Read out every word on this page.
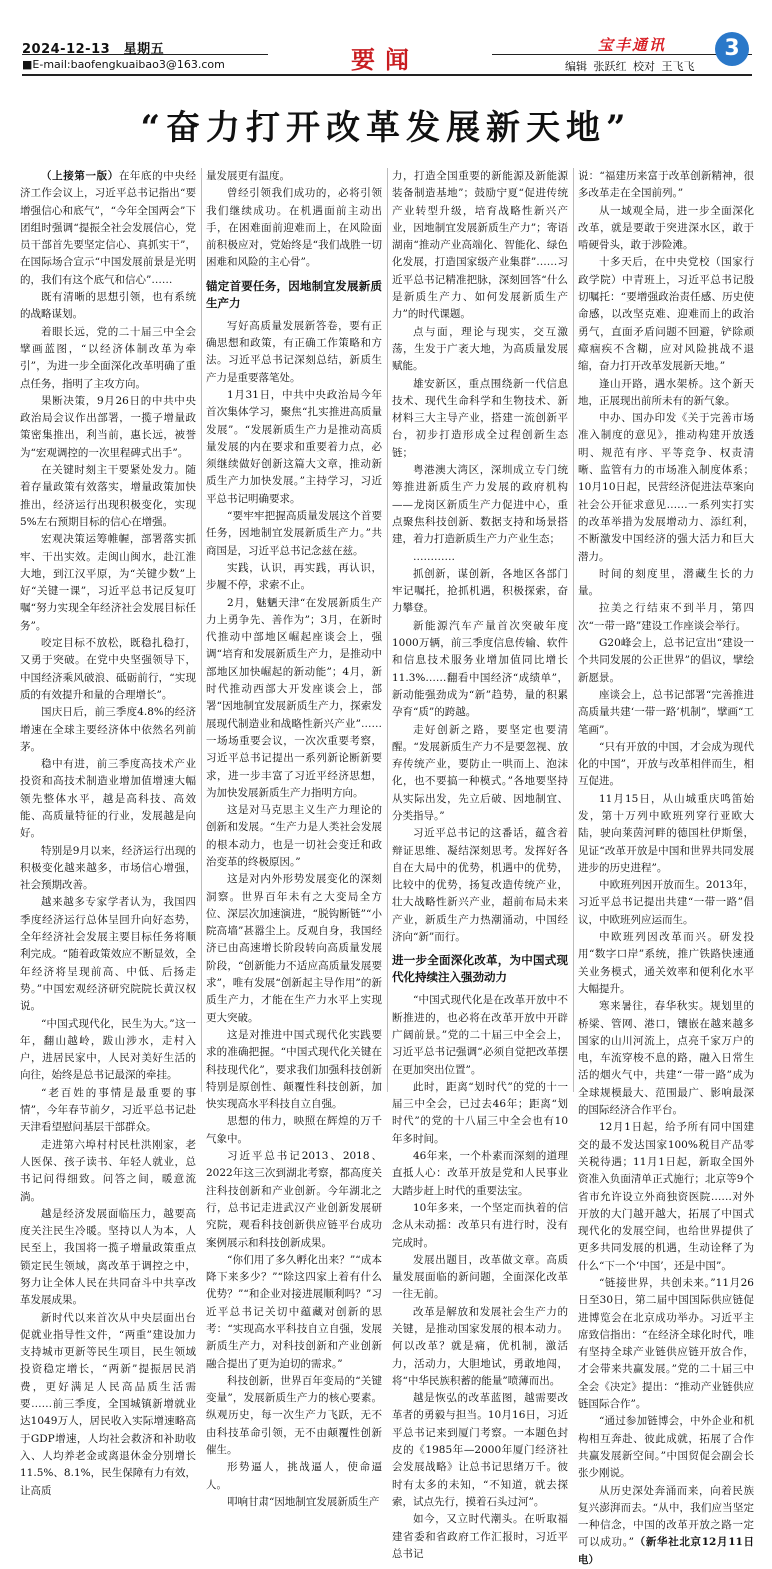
2024-12-13　 星期五
■E-mail:baofengkuaibao3@163.com	要闻	宝丰通讯	3
编辑 张跃红 校对 王飞飞
“奋力打开改革发展新天地”

（上接第一版）在年底的中央经济工作会议上，习近平总书记指出“要增强信心和底气”，“今年全国两会”下团组时强调“提振全社会发展信心，党员干部首先要坚定信心、真抓实干”，在国际场合宣示“中国发展前景是光明的，我们有这个底气和信心”……

既有清晰的思想引领，也有系统的战略谋划。

着眼长远，党的二十届三中全会擘画蓝图，“以经济体制改革为牵引”，为进一步全面深化改革明确了重点任务，指明了主攻方向。

果断决策，9月26日的中共中央政治局会议作出部署，一揽子增量政策密集推出，利当前，惠长远，被誉为“宏观调控的一次里程碑式出手”。

在关键时刻主干要紧处发力。随着存量政策有效落实，增量政策加快推出，经济运行出现积极变化，实现5%左右预期目标的信心在增强。

宏观决策运筹帷幄，部署落实抓牢、干出实效。走闽山闽水，赴江淮大地，到江汉平原，为“关键少数”上好“关键一课”，习近平总书记反复叮嘱“努力实现全年经济社会发展目标任务”。

咬定目标不放松，既稳扎稳打，又勇于突破。在党中央坚强领导下，中国经济乘风破浪、砥砺前行，“实现质的有效提升和量的合理增长”。

国庆日后，前三季度4.8%的经济增速在全球主要经济体中依然名列前茅。

稳中有进，前三季度高技术产业投资和高技术制造业增加值增速大幅领先整体水平，越是高科技、高效能、高质量特征的行业，发展越是向好。

特别是9月以来，经济运行出现的积极变化越来越多，市场信心增强，社会预期改善。

越来越多专家学者认为，我国四季度经济运行总体呈回升向好态势，全年经济社会发展主要目标任务将顺利完成。“随着政策效应不断显效，全年经济将呈现前高、中低、后扬走势。”中国宏观经济研究院院长黄汉权说。

“中国式现代化，民生为大。”这一年，翻山越岭，跋山涉水，走村入户，进居民家中，人民对美好生活的向往，始终是总书记最深的牵挂。

“老百姓的事情是最重要的事情”，今年春节前夕，习近平总书记赴天津看望慰问基层干部群众。

走进第六埠村村民杜洪刚家，老人医保、孩子读书、年轻人就业，总书记问得细致。问答之间，暖意流淌。

越是经济发展面临压力，越要高度关注民生冷暖。坚持以人为本，人民至上，我国将一揽子增量政策重点锁定民生领域，离改革于调控之中，努力让全体人民在共同奋斗中共享改革发展成果。

新时代以来首次从中央层面出台促就业指导性文件，“两重”建设加力支持城市更新等民生项目，民生领域投资稳定增长，“两新”提振居民消费，更好满足人民高品质生活需要……前三季度，全国城镇新增就业达1049万人，居民收入实际增速略高于GDP增速，人均社会救济和补助收入、人均养老金或离退休金分别增长11.5%、8.1%，民生保障有力有效，让高质

量发展更有温度。

曾经引领我们成功的，必将引领我们继续成功。在机遇面前主动出手，在困难面前迎难而上，在风险面前积极应对，党始终是“我们战胜一切困难和风险的主心骨”。

锚定首要任务，因地制宜发展新质生产力

写好高质量发展新答卷，要有正确思想和政策，有正确工作策略和方法。习近平总书记深刻总结，新质生产力是重要落笔处。

1月31日，中共中央政治局今年首次集体学习，聚焦“扎实推进高质量发展”。“发展新质生产力是推动高质量发展的内在要求和重要着力点，必须继续做好创新这篇大文章，推动新质生产力加快发展。”主持学习，习近平总书记明确要求。

“要牢牢把握高质量发展这个首要任务，因地制宜发展新质生产力。”共商国是，习近平总书记念兹在兹。

实践，认识，再实践，再认识，步履不停，求索不止。

2月，魅魉天津“在发展新质生产力上勇争先、善作为”；3月，在新时代推动中部地区崛起座谈会上，强调“培育和发展新质生产力，是推动中部地区加快崛起的新动能”；4月，新时代推动西部大开发座谈会上，部署“因地制宜发展新质生产力，探索发展现代制造业和战略性新兴产业”……一场场重要会议，一次次重要考察，习近平总书记提出一系列新论断新要求，进一步丰富了习近平经济思想，为加快发展新质生产力指明方向。

这是对马克思主义生产力理论的创新和发展。“生产力是人类社会发展的根本动力，也是一切社会变迁和政治变革的终极原因。”

这是对内外形势发展变化的深刻洞察。世界百年未有之大变局全方位、深层次加速演进，“脱钩断链”“小院高墙”甚嚣尘上。反观自身，我国经济已由高速增长阶段转向高质量发展阶段，“创新能力不适应高质量发展要求”，唯有发展“创新起主导作用”的新质生产力，才能在生产力水平上实现更大突破。

这是对推进中国式现代化实践要求的准确把握。“中国式现代化关键在科技现代化”，要求我们加强科技创新特别是原创性、颠覆性科技创新，加快实现高水平科技自立自强。

思想的伟力，映照在辉煌的万千气象中。

习近平总书记2013、2018、2022年这三次到湖北考察，都高度关注科技创新和产业创新。今年湖北之行，总书记走进武汉产业创新发展研究院，观看科技创新供应链平台成功案例展示和科技创新成果。

“你们用了多久孵化出来？”“成本降下来多少？”“除这四家上着有什么优势？”“和企业对接进展顺利吗？”习近平总书记关切中蕴藏对创新的思考：“实现高水平科技自立自强，发展新质生产力，对科技创新和产业创新融合提出了更为迫切的需求。”

科技创新，世界百年变局的“关键变量”，发展新质生产力的核心要素。纵观历史，每一次生产力飞跃，无不由科技革命引领，无不由颠覆性创新催生。

形势逼人，挑战逼人，使命逼人。

叩响甘肃“因地制宜发展新质生产

力，打造全国重要的新能源及新能源装备制造基地”；鼓励宁夏“促进传统产业转型升级，培育战略性新兴产业，因地制宜发展新质生产力”；寄语湖南“推动产业高端化、智能化、绿色化发展，打造国家级产业集群”……习近平总书记精准把脉，深刻回答“什么是新质生产力、如何发展新质生产力”的时代课题。

点与面，理论与现实，交互激荡，生发于广袤大地，为高质量发展赋能。

雄安新区，重点围绕新一代信息技术、现代生命科学和生物技术、新材料三大主导产业，搭建一流创新平台，初步打造形成全过程创新生态链；

粤港澳大湾区，深圳成立专门统筹推进新质生产力发展的政府机构——龙岗区新质生产力促进中心，重点聚焦科技创新、数据支持和场景搭建，着力打造新质生产力产业生态；

…………

抓创新，谋创新，各地区各部门牢记嘱托，抢抓机遇，积极探索，奋力攀登。

新能源汽车产量首次突破年度1000万辆，前三季度信息传输、软件和信息技术服务业增加值同比增长11.3%……翻看中国经济“成绩单”，新动能强劲成为“新”趋势，量的积累孕育“质”的跨越。

走好创新之路，要坚定也要清醒。“发展新质生产力不是要忽视、放弃传统产业，要防止一哄而上、泡沫化，也不要搞一种模式。”各地要坚持从实际出发，先立后破、因地制宜、分类指导。”

习近平总书记的这番话，蕴含着辩证思维、凝结深刻思考。发挥好各自在大局中的优势，机遇中的优势，比较中的优势，扬复改造传统产业，壮大战略性新兴产业，超前布局未来产业，新质生产力热潮涌动，中国经济向“新”而行。

进一步全面深化改革，为中国式现代化持续注入强劲动力

“中国式现代化是在改革开放中不断推进的，也必将在改革开放中开辟广阔前景。”党的二十届三中全会上，习近平总书记强调“必须自觉把改革摆在更加突出位置”。

此时，距离“划时代”的党的十一届三中全会，已过去46年；距离“划时代”的党的十八届三中全会也有10年多时间。

46年来，一个朴素而深刻的道理直抵人心：改革开放是党和人民事业大踏步赶上时代的重要法宝。

10年多来，一个坚定而执着的信念从未动摇：改革只有进行时，没有完成时。

发展出题目，改革做文章。高质量发展面临的新问题，全面深化改革一往无前。

改革是解放和发展社会生产力的关键，是推动国家发展的根本动力。何以改革？就是痛，优机制，激活力，活动力，大胆地试，勇敢地闯，将“中华民族积蓄的能量”喷薄而出。

越是恢弘的改革蓝图，越需要改革者的勇毅与担当。10月16日，习近平总书记来到厦门考察。一本题色封皮的《1985年—2000年厦门经济社会发展战略》让总书记思绪万千。彼时有太多的未知，“不知道，就去探索，试点先行，摸着石头过河”。

如今，又立时代潮头。在听取福建省委和省政府工作汇报时，习近平总书记

说：“福建历来富于改革创新精神，很多改革走在全国前列。”

从一域观全局，进一步全面深化改革，就是要敢于突进深水区，敢于啃硬骨头，敢于涉险滩。

十多天后，在中央党校（国家行政学院）中青班上，习近平总书记殷切嘱托：“要增强政治责任感、历史使命感，以改坚克难、迎难而上的政治勇气，直面矛盾问题不回避，铲除顽瘴痼疾不含糊，应对风险挑战不退缩，奋力打开改革发展新天地。”

逢山开路，遇水架桥。这个新天地，正展现出前所未有的新气象。

中办、国办印发《关于完善市场准入制度的意见》，推动构建开放透明、规范有序、平等竞争、权责清晰、监管有力的市场准入制度体系；10月10日起，民营经济促进法草案向社会公开征求意见……一系列实打实的改革举措为发展增动力、添红利，不断激发中国经济的强大活力和巨大潜力。

时间的刻度里，潜藏生长的力量。

拉美之行结束不到半月，第四次“一带一路”建设工作座谈会举行。

G20峰会上，总书记宣出“建设一个共同发展的公正世界”的倡议，擘绘新愿景。

座谈会上，总书记部署“完善推进高质量共建‘一带一路’机制”，擘画“工笔画”。

“只有开放的中国，才会成为现代化的中国”，开放与改革相伴而生，相互促进。

11月15日，从山城重庆鸣笛始发，第十万列中欧班列穿行亚欧大陆，驶向莱茵河畔的德国杜伊斯堡，见证“改革开放是中国和世界共同发展进步的历史进程”。

中欧班列因开放而生。2013年，习近平总书记提出共建“一带一路”倡议，中欧班列应运而生。

中欧班列因改革而兴。研发投用“数字口岸”系统，推广铁路快速通关业务模式，通关效率和便利化水平大幅提升。

寒来暑往，春华秋实。规划里的桥梁、管网、港口，镶嵌在越来越多国家的山川河流上，点亮千家万户的电，车流穿梭不息的路，融入日常生活的烟火气中，共建“一带一路”成为全球规模最大、范围最广、影响最深的国际经济合作平台。

12月1日起，给予所有同中国建交的最不发达国家100%税目产品零关税待遇；11月1日起，新取全国外资准入负面清单正式施行；北京等9个省市允许设立外商独资医院……对外开放的大门越开越大，拓展了中国式现代化的发展空间，也给世界提供了更多共同发展的机遇，生动诠释了为什么“下一个‘中国’，还是中国”。

“链接世界，共创未来。”11月26日至30日，第二届中国国际供应链促进博览会在北京成功举办。习近平主席致信指出：“在经济全球化时代，唯有坚持全球产业链供应链开放合作，才会带来共赢发展。”党的二十届三中全会《决定》提出：“推动产业链供应链国际合作”。

“通过参加链博会，中外企业和机构相互奔赴、彼此成就，拓展了合作共赢发展新空间。”中国贸促会副会长张少刚说。

从历史深处奔涌而来，向着民族复兴澎湃而去。“从中，我们应当坚定一种信念，中国的改革开放之路一定可以成功。”（新华社北京12月11日电）
